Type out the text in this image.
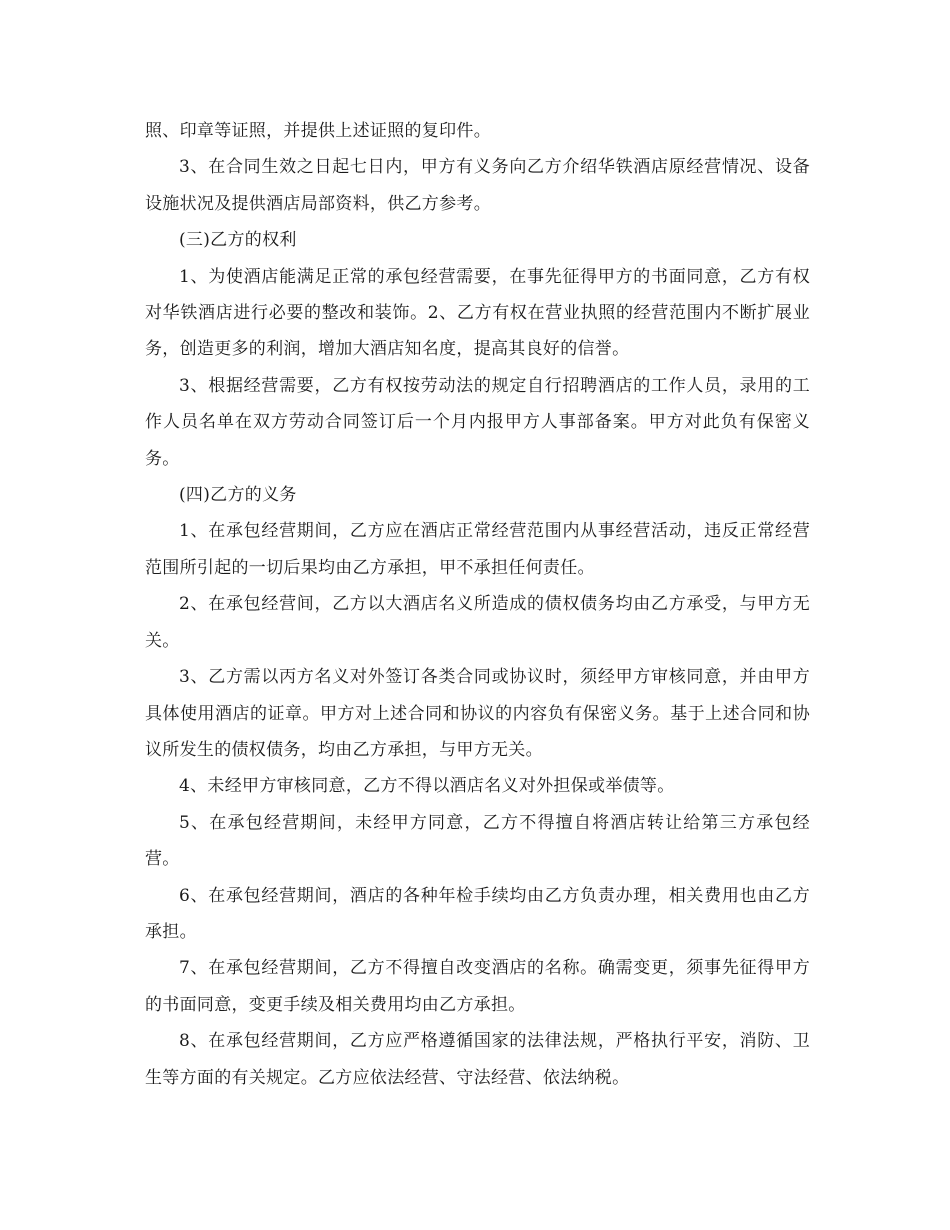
照、印章等证照，并提供上述证照的复印件。

3、在合同生效之日起七日内，甲方有义务向乙方介绍华铁酒店原经营情况、设备设施状况及提供酒店局部资料，供乙方参考。

(三)乙方的权利

1、为使酒店能满足正常的承包经营需要，在事先征得甲方的书面同意，乙方有权对华铁酒店进行必要的整改和装饰。2、乙方有权在营业执照的经营范围内不断扩展业务，创造更多的利润，增加大酒店知名度，提高其良好的信誉。

3、根据经营需要，乙方有权按劳动法的规定自行招聘酒店的工作人员，录用的工作人员名单在双方劳动合同签订后一个月内报甲方人事部备案。甲方对此负有保密义务。

(四)乙方的义务

1、在承包经营期间，乙方应在酒店正常经营范围内从事经营活动，违反正常经营范围所引起的一切后果均由乙方承担，甲不承担任何责任。

2、在承包经营间，乙方以大酒店名义所造成的债权债务均由乙方承受，与甲方无关。

3、乙方需以丙方名义对外签订各类合同或协议时，须经甲方审核同意，并由甲方具体使用酒店的证章。甲方对上述合同和协议的内容负有保密义务。基于上述合同和协议所发生的债权债务，均由乙方承担，与甲方无关。

4、未经甲方审核同意，乙方不得以酒店名义对外担保或举债等。

5、在承包经营期间，未经甲方同意，乙方不得擅自将酒店转让给第三方承包经营。

6、在承包经营期间，酒店的各种年检手续均由乙方负责办理，相关费用也由乙方承担。

7、在承包经营期间，乙方不得擅自改变酒店的名称。确需变更，须事先征得甲方的书面同意，变更手续及相关费用均由乙方承担。

8、在承包经营期间，乙方应严格遵循国家的法律法规，严格执行平安，消防、卫生等方面的有关规定。乙方应依法经营、守法经营、依法纳税。
